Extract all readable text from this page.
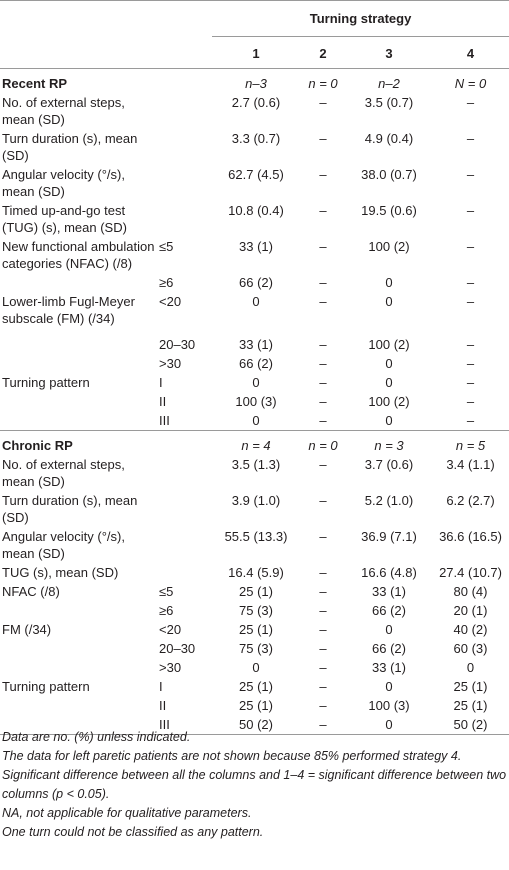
		Turning strategy			
		1	2	3	4
Recent RP		n–3	n = 0	n–2	N = 0
No. of external steps, mean (SD)		2.7 (0.6)	–	3.5 (0.7)	–
Turn duration (s), mean (SD)		3.3 (0.7)	–	4.9 (0.4)	–
Angular velocity (°/s), mean (SD)		62.7 (4.5)	–	38.0 (0.7)	–
Timed up-and-go test (TUG) (s), mean (SD)		10.8 (0.4)	–	19.5 (0.6)	–
New functional ambulation categories (NFAC) (/8)	≤5	33 (1)	–	100 (2)	–
	≥6	66 (2)	–	0	–
Lower-limb Fugl-Meyer subscale (FM) (/34)	<20	0	–	0	–
	20–30	33 (1)	–	100 (2)	–
	>30	66 (2)	–	0	–
Turning pattern	I	0	–	0	–
	II	100 (3)	–	100 (2)	–
	III	0	–	0	–
Chronic RP		n = 4	n = 0	n = 3	n = 5
No. of external steps, mean (SD)		3.5 (1.3)	–	3.7 (0.6)	3.4 (1.1)
Turn duration (s), mean (SD)		3.9 (1.0)	–	5.2 (1.0)	6.2 (2.7)
Angular velocity (°/s), mean (SD)		55.5 (13.3)	–	36.9 (7.1)	36.6 (16.5)
TUG (s), mean (SD)		16.4 (5.9)	–	16.6 (4.8)	27.4 (10.7)
NFAC (/8)	≤5	25 (1)	–	33 (1)	80 (4)
	≥6	75 (3)	–	66 (2)	20 (1)
FM (/34)	<20	25 (1)	–	0	40 (2)
	20–30	75 (3)	–	66 (2)	60 (3)
	>30	0	–	33 (1)	0
Turning pattern	I	25 (1)	–	0	25 (1)
	II	25 (1)	–	100 (3)	25 (1)
	III	50 (2)	–	0	50 (2)
Data are no. (%) unless indicated.
The data for left paretic patients are not shown because 85% performed strategy 4.
Significant difference between all the columns and 1–4 = significant difference between two columns (p < 0.05).
NA, not applicable for qualitative parameters.
One turn could not be classified as any pattern.
